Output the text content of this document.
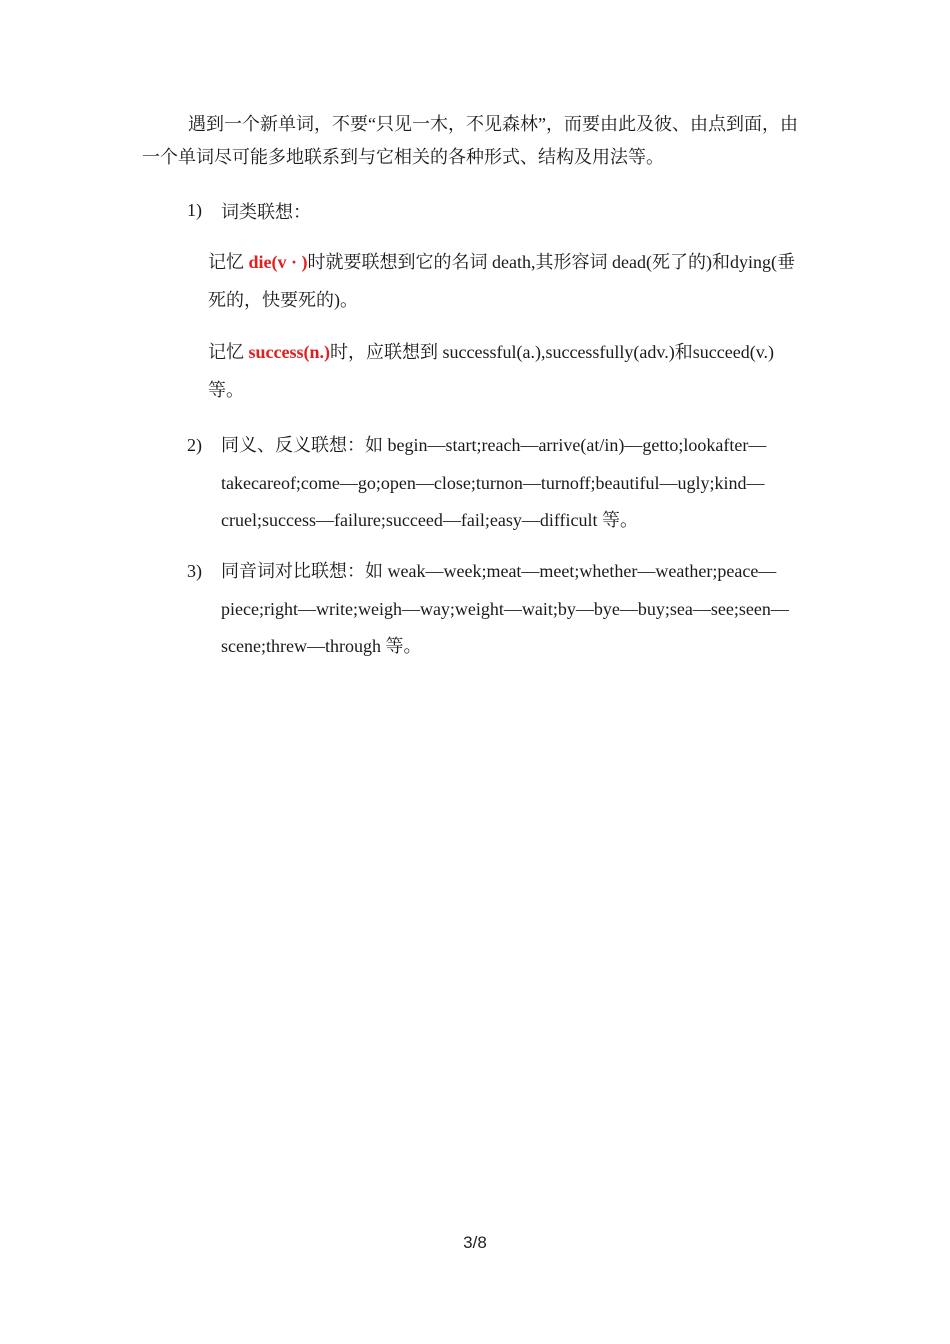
遇到一个新单词，不要“只见一木，不见森林”，而要由此及彼、由点到面，由一个单词尽可能多地联系到与它相关的各种形式、结构及用法等。

1)	词类联想：

记忆 die(v · )时就要联想到它的名词 death,其形容词 dead(死了的)和dying(垂死的，快要死的)。

记忆 success(n.)时，应联想到 successful(a.),successfully(adv.)和succeed(v.)等。

2)	同义、反义联想：如 begin—start;reach—arrive(at/in)—getto;lookafter—takecareof;come—go;open—close;turnon—turnoff;beautiful—ugly;kind—cruel;success—failure;succeed—fail;easy—difficult 等。
3)	同音词对比联想：如 weak—week;meat—meet;whether—weather;peace—piece;right—write;weigh—way;weight—wait;by—bye—buy;sea—see;seen—scene;threw—through 等。
3/8
